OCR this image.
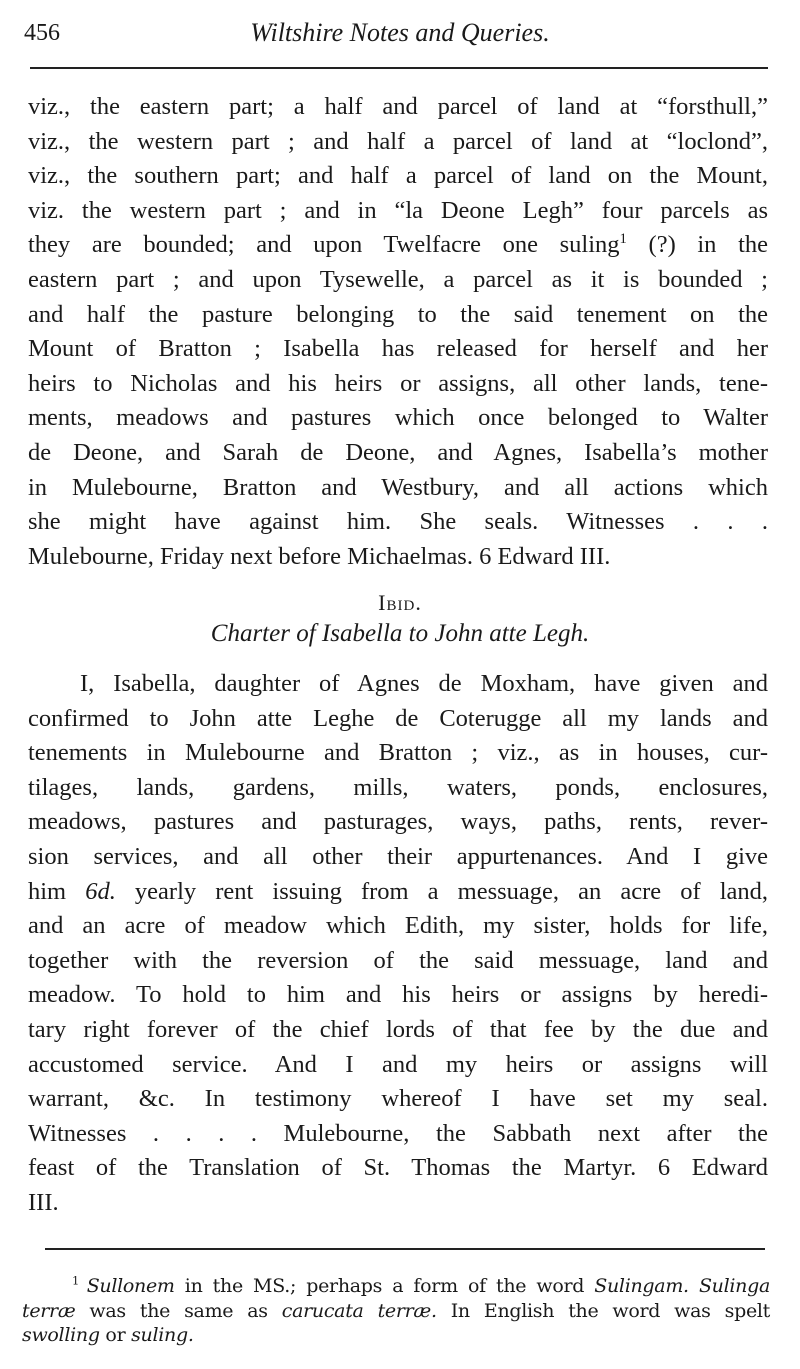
456	Wiltshire Notes and Queries.
viz., the eastern part; a half and parcel of land at “forsthull,”
viz., the western part ; and half a parcel of land at “loclond”,
viz., the southern part; and half a parcel of land on the Mount,
viz. the western part ; and in “la Deone Legh” four parcels as
they are bounded; and upon Twelfacre one suling$^1$ (?) in the
eastern part ; and upon Tysewelle, a parcel as it is bounded ;
and half the pasture belonging to the said tenement on the
Mount of Bratton ; Isabella has released for herself and her
heirs to Nicholas and his heirs or assigns, all other lands, tene-
ments, meadows and pastures which once belonged to Walter
de Deone, and Sarah de Deone, and Agnes, Isabella’s mother
in Mulebourne, Bratton and Westbury, and all actions which
she might have against him. She seals. Witnesses . . .
Mulebourne, Friday next before Michaelmas. 6 Edward III.
Ibid.
Charter of Isabella to John atte Legh.
I, Isabella, daughter of Agnes de Moxham, have given and
confirmed to John atte Leghe de Coterugge all my lands and
tenements in Mulebourne and Bratton ; viz., as in houses, cur-
tilages, lands, gardens, mills, waters, ponds, enclosures,
meadows, pastures and pasturages, ways, paths, rents, rever-
sion services, and all other their appurtenances. And I give
him 6d. yearly rent issuing from a messuage, an acre of land,
and an acre of meadow which Edith, my sister, holds for life,
together with the reversion of the said messuage, land and
meadow. To hold to him and his heirs or assigns by heredi-
tary right forever of the chief lords of that fee by the due and
accustomed service. And I and my heirs or assigns will
warrant, &c. In testimony whereof I have set my seal.
Witnesses . . . . Mulebourne, the Sabbath next after the
feast of the Translation of St. Thomas the Martyr. 6 Edward
III.
$^1$ Sullonem in the MS.; perhaps a form of the word Sulingam. Sulinga
terræ was the same as carucata terræ. In English the word was spelt
swolling or suling.
